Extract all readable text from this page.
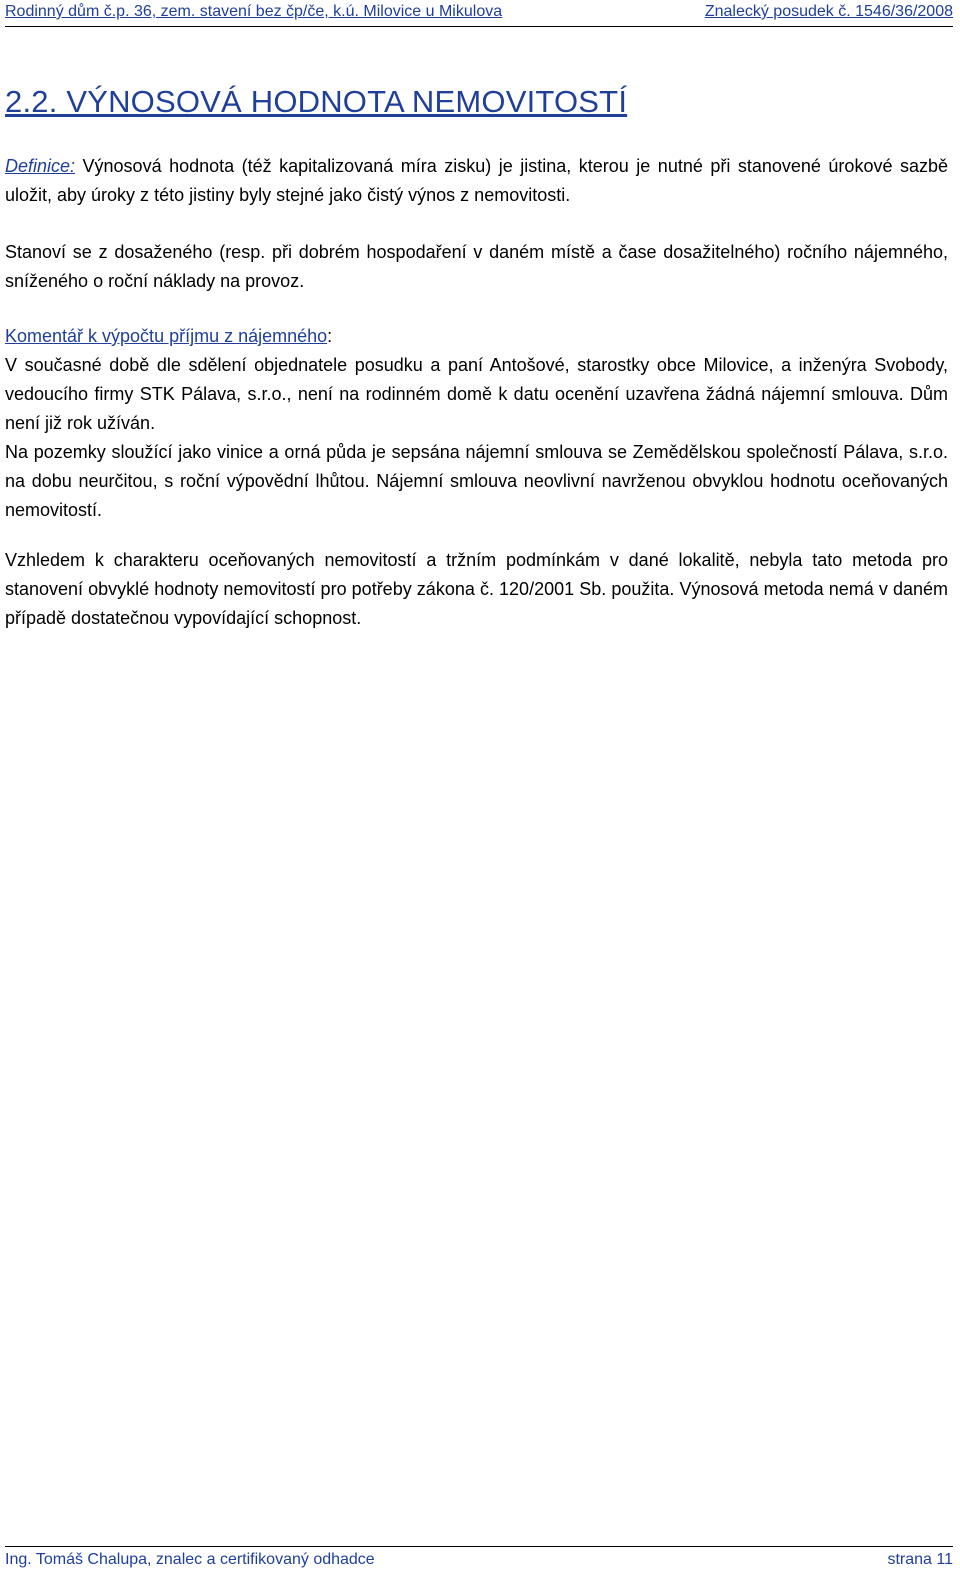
Rodinný dům č.p. 36, zem. stavení bez čp/če, k.ú. Milovice u Mikulova	Znalecký posudek č. 1546/36/2008
2.2. VÝNOSOVÁ HODNOTA NEMOVITOSTÍ

Definice: Výnosová hodnota (též kapitalizovaná míra zisku) je jistina, kterou je nutné při stanovené úrokové sazbě uložit, aby úroky z této jistiny byly stejné jako čistý výnos z nemovitosti.

Stanoví se z dosaženého (resp. při dobrém hospodaření v daném místě a čase dosažitelného) ročního nájemného, sníženého o roční náklady na provoz.

Komentář k výpočtu příjmu z nájemného:
V současné době dle sdělení objednatele posudku a paní Antošové, starostky obce Milovice, a inženýra Svobody, vedoucího firmy STK Pálava, s.r.o., není na rodinném domě k datu ocenění uzavřena žádná nájemní smlouva. Dům není již rok užíván.
Na pozemky sloužící jako vinice a orná půda je sepsána nájemní smlouva se Zemědělskou společností Pálava, s.r.o. na dobu neurčitou, s roční výpovědní lhůtou. Nájemní smlouva neovlivní navrženou obvyklou hodnotu oceňovaných nemovitostí.

Vzhledem k charakteru oceňovaných nemovitostí a tržním podmínkám v dané lokalitě, nebyla tato metoda pro stanovení obvyklé hodnoty nemovitostí pro potřeby zákona č. 120/2001 Sb. použita. Výnosová metoda nemá v daném případě dostatečnou vypovídající schopnost.

Ing. Tomáš Chalupa, znalec a certifikovaný odhadce	strana 11
